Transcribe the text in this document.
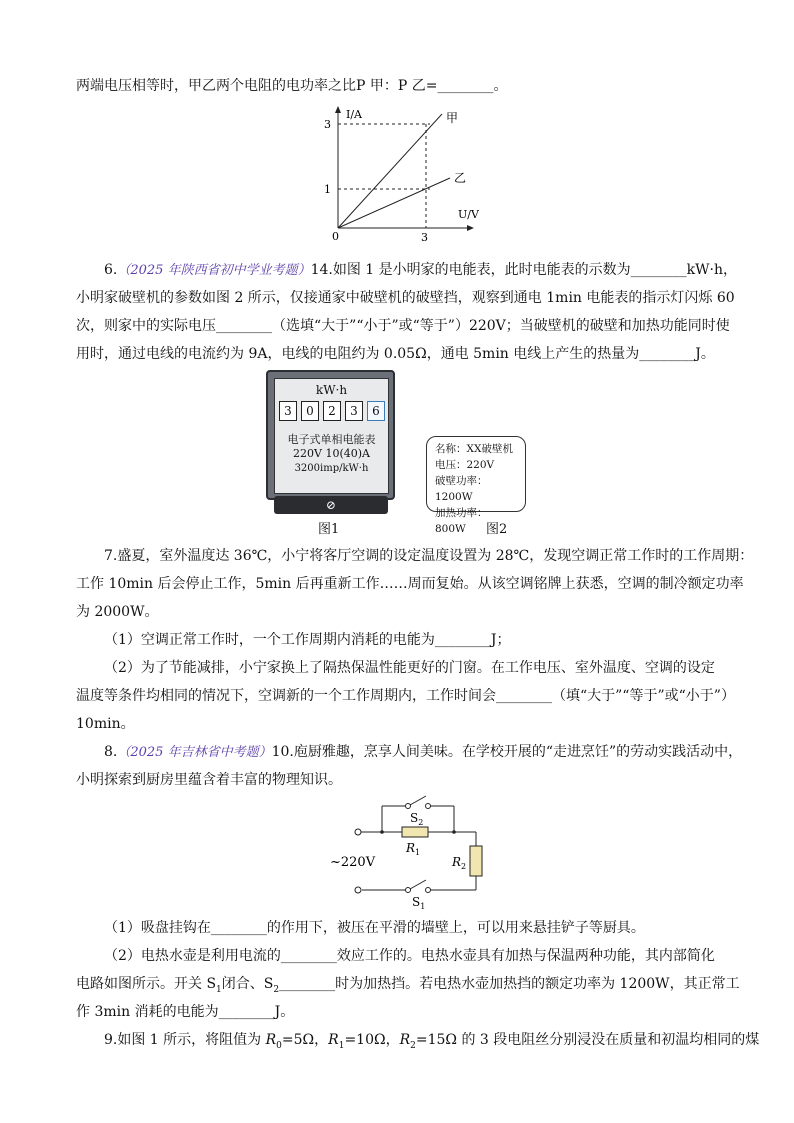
两端电压相等时，甲乙两个电阻的电功率之比P 甲：P 乙=________。
I/A
U/V
3
1
0	3
甲
乙
6.（2025 年陕西省初中学业考题）14.如图 1 是小明家的电能表，此时电能表的示数为________kW·h，
小明家破壁机的参数如图 2 所示，仅接通家中破壁机的破壁挡，观察到通电 1min 电能表的指示灯闪烁 60
次，则家中的实际电压________（选填“大于”“小于”或“等于”）220V；当破壁机的破壁和加热功能同时使
用时，通过电线的电流约为 9A，电线的电阻约为 0.05Ω，通电 5min 电线上产生的热量为________J。
kW·h
3	0	2	3	6
电子式单相电能表
220V 10(40)A
3200imp/kW·h
⊘
图1
名称：XX破壁机
电压：220V
破壁功率：1200W
加热功率：800W	图2
7.盛夏，室外温度达 36℃，小宁将客厅空调的设定温度设置为 28℃，发现空调正常工作时的工作周期：
工作 10min 后会停止工作，5min 后再重新工作……周而复始。从该空调铭牌上获悉，空调的制冷额定功率
为 2000W。
（1）空调正常工作时，一个工作周期内消耗的电能为________J；
（2）为了节能减排，小宁家换上了隔热保温性能更好的门窗。在工作电压、室外温度、空调的设定
温度等条件均相同的情况下，空调新的一个工作周期内，工作时间会________（填“大于”“等于”或“小于”）
10min。
8.（2025 年吉林省中考题）10.庖厨雅趣，烹享人间美味。在学校开展的“走进烹饪”的劳动实践活动中，
小明探索到厨房里蕴含着丰富的物理知识。
~220V
$S_2$
$R_1$
$R_2$
$S_1$
（1）吸盘挂钩在________的作用下，被压在平滑的墙壁上，可以用来悬挂铲子等厨具。
（2）电热水壶是利用电流的________效应工作的。电热水壶具有加热与保温两种功能，其内部简化
电路如图所示。开关 $S_1$闭合、$S_2\_\_\_\_\_\_\_\_$时为加热挡。若电热水壶加热挡的额定功率为 1200W，其正常工
作 3min 消耗的电能为________J。
9.如图 1 所示，将阻值为 $R_0=5\Omega$，$R_1=10\Omega$，$R_2=15\Omega$ 的 3 段电阻丝分别浸没在质量和初温均相同的煤
